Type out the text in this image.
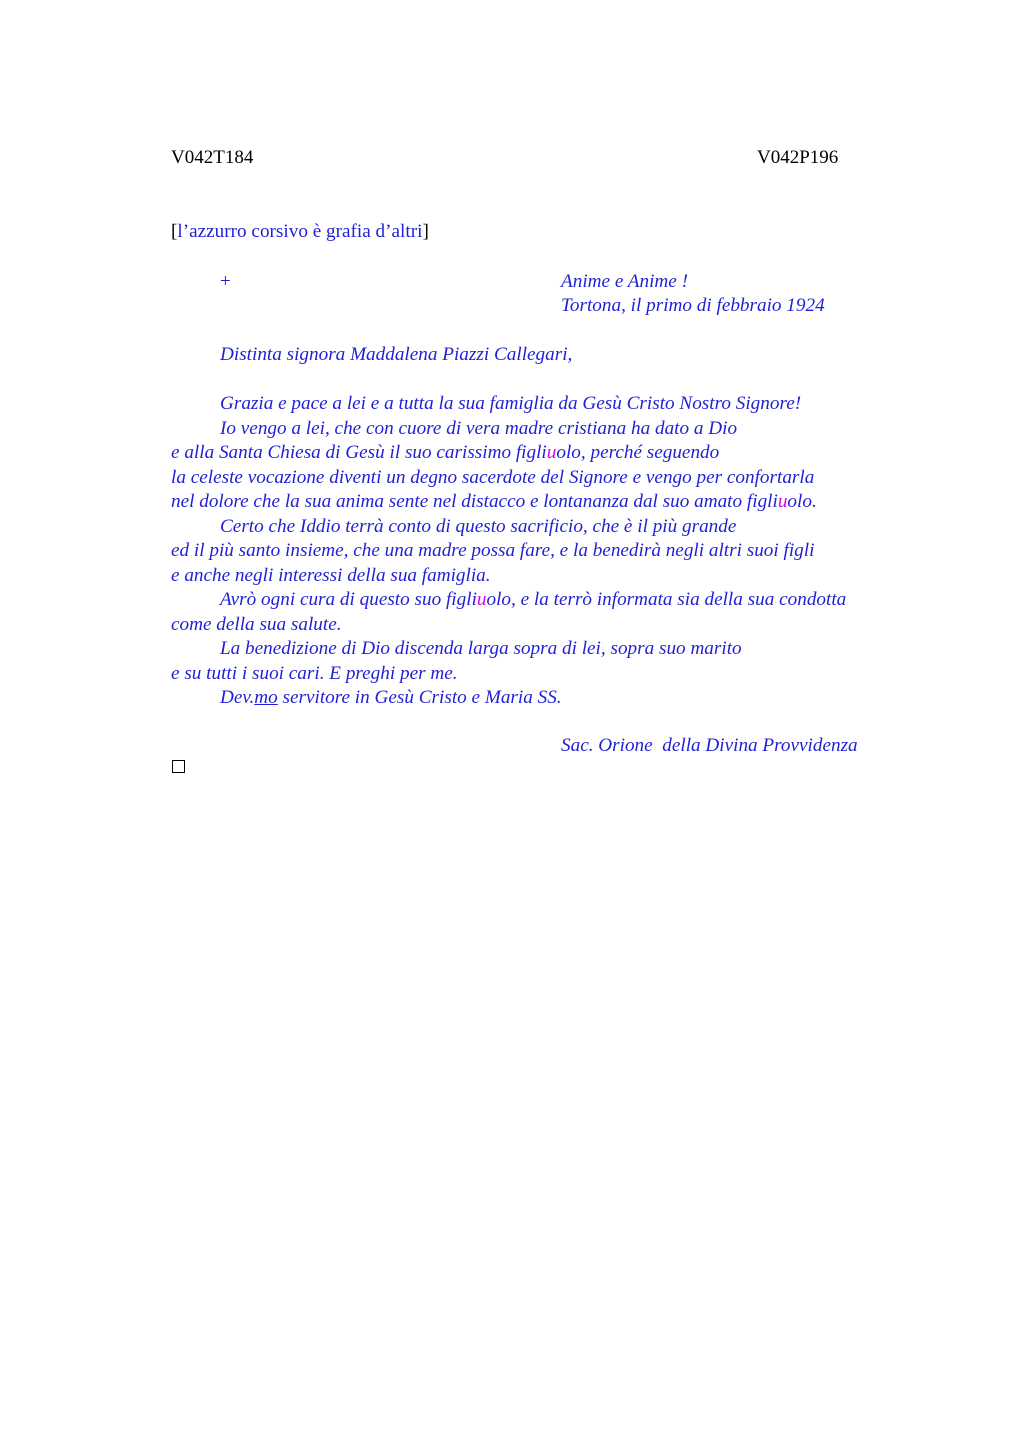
V042T184	V042P196
[l’azzurro corsivo è grafia d’altri]
+	Anime e Anime !
Tortona, il primo di febbraio 1924
Distinta signora Maddalena Piazzi Callegari,
Grazia e pace a lei e a tutta la sua famiglia da Gesù Cristo Nostro Signore!
Io vengo a lei, che con cuore di vera madre cristiana ha dato a Dio
e alla Santa Chiesa di Gesù il suo carissimo figliuolo, perché seguendo
la celeste vocazione diventi un degno sacerdote del Signore e vengo per confortarla
nel dolore che la sua anima sente nel distacco e lontananza dal suo amato figliuolo.
Certo che Iddio terrà conto di questo sacrificio, che è il più grande
ed il più santo insieme, che una madre possa fare, e la benedirà negli altri suoi figli
e anche negli interessi della sua famiglia.
Avrò ogni cura di questo suo figliuolo, e la terrò informata sia della sua condotta
come della sua salute.
La benedizione di Dio discenda larga sopra di lei, sopra suo marito
e su tutti i suoi cari. E preghi per me.
Dev.mo servitore in Gesù Cristo e Maria SS.
Sac. Orione  della Divina Provvidenza
